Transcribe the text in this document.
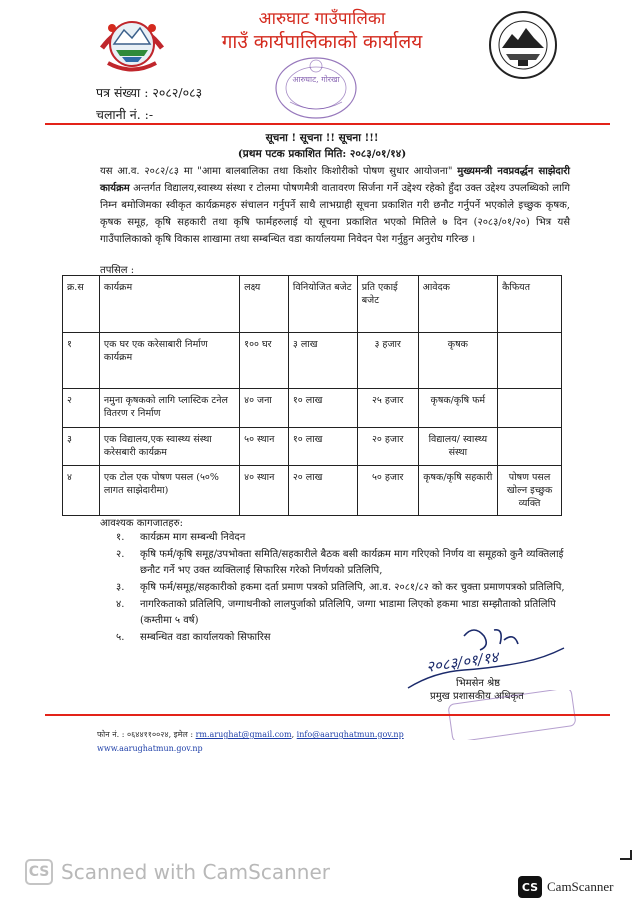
आरुघाट गाउँपालिका
गाउँ कार्यपालिकाको कार्यालय
आरुघाट, गोरखा
पत्र संख्या : २०८२/०८३
चलानी नं. :-
सूचना ! सूचना !! सूचना !!!
(प्रथम पटक प्रकाशित मिति: २०८३/०१/१४)
यस आ.व. २०८२/८३ मा "आमा बालबालिका तथा किशोर किशोरीको पोषण सुधार आयोजना" मुख्यमन्त्री नवप्रवर्द्धन साझेदारी कार्यक्रम अन्तर्गत विद्यालय,स्वास्थ्य संस्था र टोलमा पोषणमैत्री वातावरण सिर्जना गर्ने उद्देश्य रहेको हुँदा उक्त उद्देश्य उपलब्धिको लागि निम्न बमोजिमका स्वीकृत कार्यक्रमहरु संचालन गर्नुपर्ने साथै लाभग्राही सूचना प्रकाशित गरी छनौट गर्नुपर्ने भएकोले इच्छुक कृषक, कृषक समूह, कृषि सहकारी तथा कृषि फार्महरुलाई यो सूचना प्रकाशित भएको मितिले ७ दिन (२०८३/०१/२०) भित्र यसै गाउँपालिकाको कृषि विकास शाखामा तथा सम्बन्धित वडा कार्यालयमा निवेदन पेश गर्नुहुन अनुरोध गरिन्छ ।
तपसिल :
क्र.स	कार्यक्रम	लक्ष्य	विनियोजित बजेट	प्रति एकाई बजेट	आवेदक	कैफियत
१	एक घर एक करेसाबारी निर्माण कार्यक्रम	१०० घर	३ लाख	३ हजार	कृषक	
२	नमुना कृषकको लागि प्लास्टिक टनेल वितरण र निर्माण	४० जना	१० लाख	२५ हजार	कृषक/कृषि फर्म	
३	एक विद्यालय,एक स्वास्थ्य संस्था करेसबारी कार्यक्रम	५० स्थान	१० लाख	२० हजार	विद्यालय/ स्वास्थ्य संस्था	
४	एक टोल एक पोषण पसल (५०% लागत साझेदारीमा)	४० स्थान	२० लाख	५० हजार	कृषक/कृषि सहकारी	पोषण पसल खोल्न इच्छुक व्यक्ति
आवश्यक कागजातहरु:
१. कार्यक्रम माग सम्बन्धी निवेदन
२. कृषि फर्म/कृषि समूह/उपभोक्ता समिति/सहकारीले बैठक बसी कार्यक्रम माग गरिएको निर्णय वा समूहको कुनै व्यक्तिलाई छनौट गर्ने भए उक्त व्यक्तिलाई सिफारिस गरेको निर्णयको प्रतिलिपि,
३. कृषि फर्म/समूह/सहकारीको हकमा दर्ता प्रमाण पत्रको प्रतिलिपि, आ.व. २०८१/८२ को कर चुक्ता प्रमाणपत्रको प्रतिलिपि,
४. नागरिकताको प्रतिलिपि, जग्गाधनीको लालपुर्जाको प्रतिलिपि, जग्गा भाडामा लिएको हकमा भाडा सम्झौताको प्रतिलिपि (कम्तीमा ५ वर्ष)
५. सम्बन्धित वडा कार्यालयको सिफारिस
२०८३/०१/१४
भिमसेन श्रेष्ठ
प्रमुख प्रशासकीय अधिकृत
फोन नं. : ०६४४११००२४, इमेल : rm.arughat@gmail.com, info@aarughatmun.gov.np
www.aarughatmun.gov.np
CS Scanned with CamScanner
CS CamScanner
